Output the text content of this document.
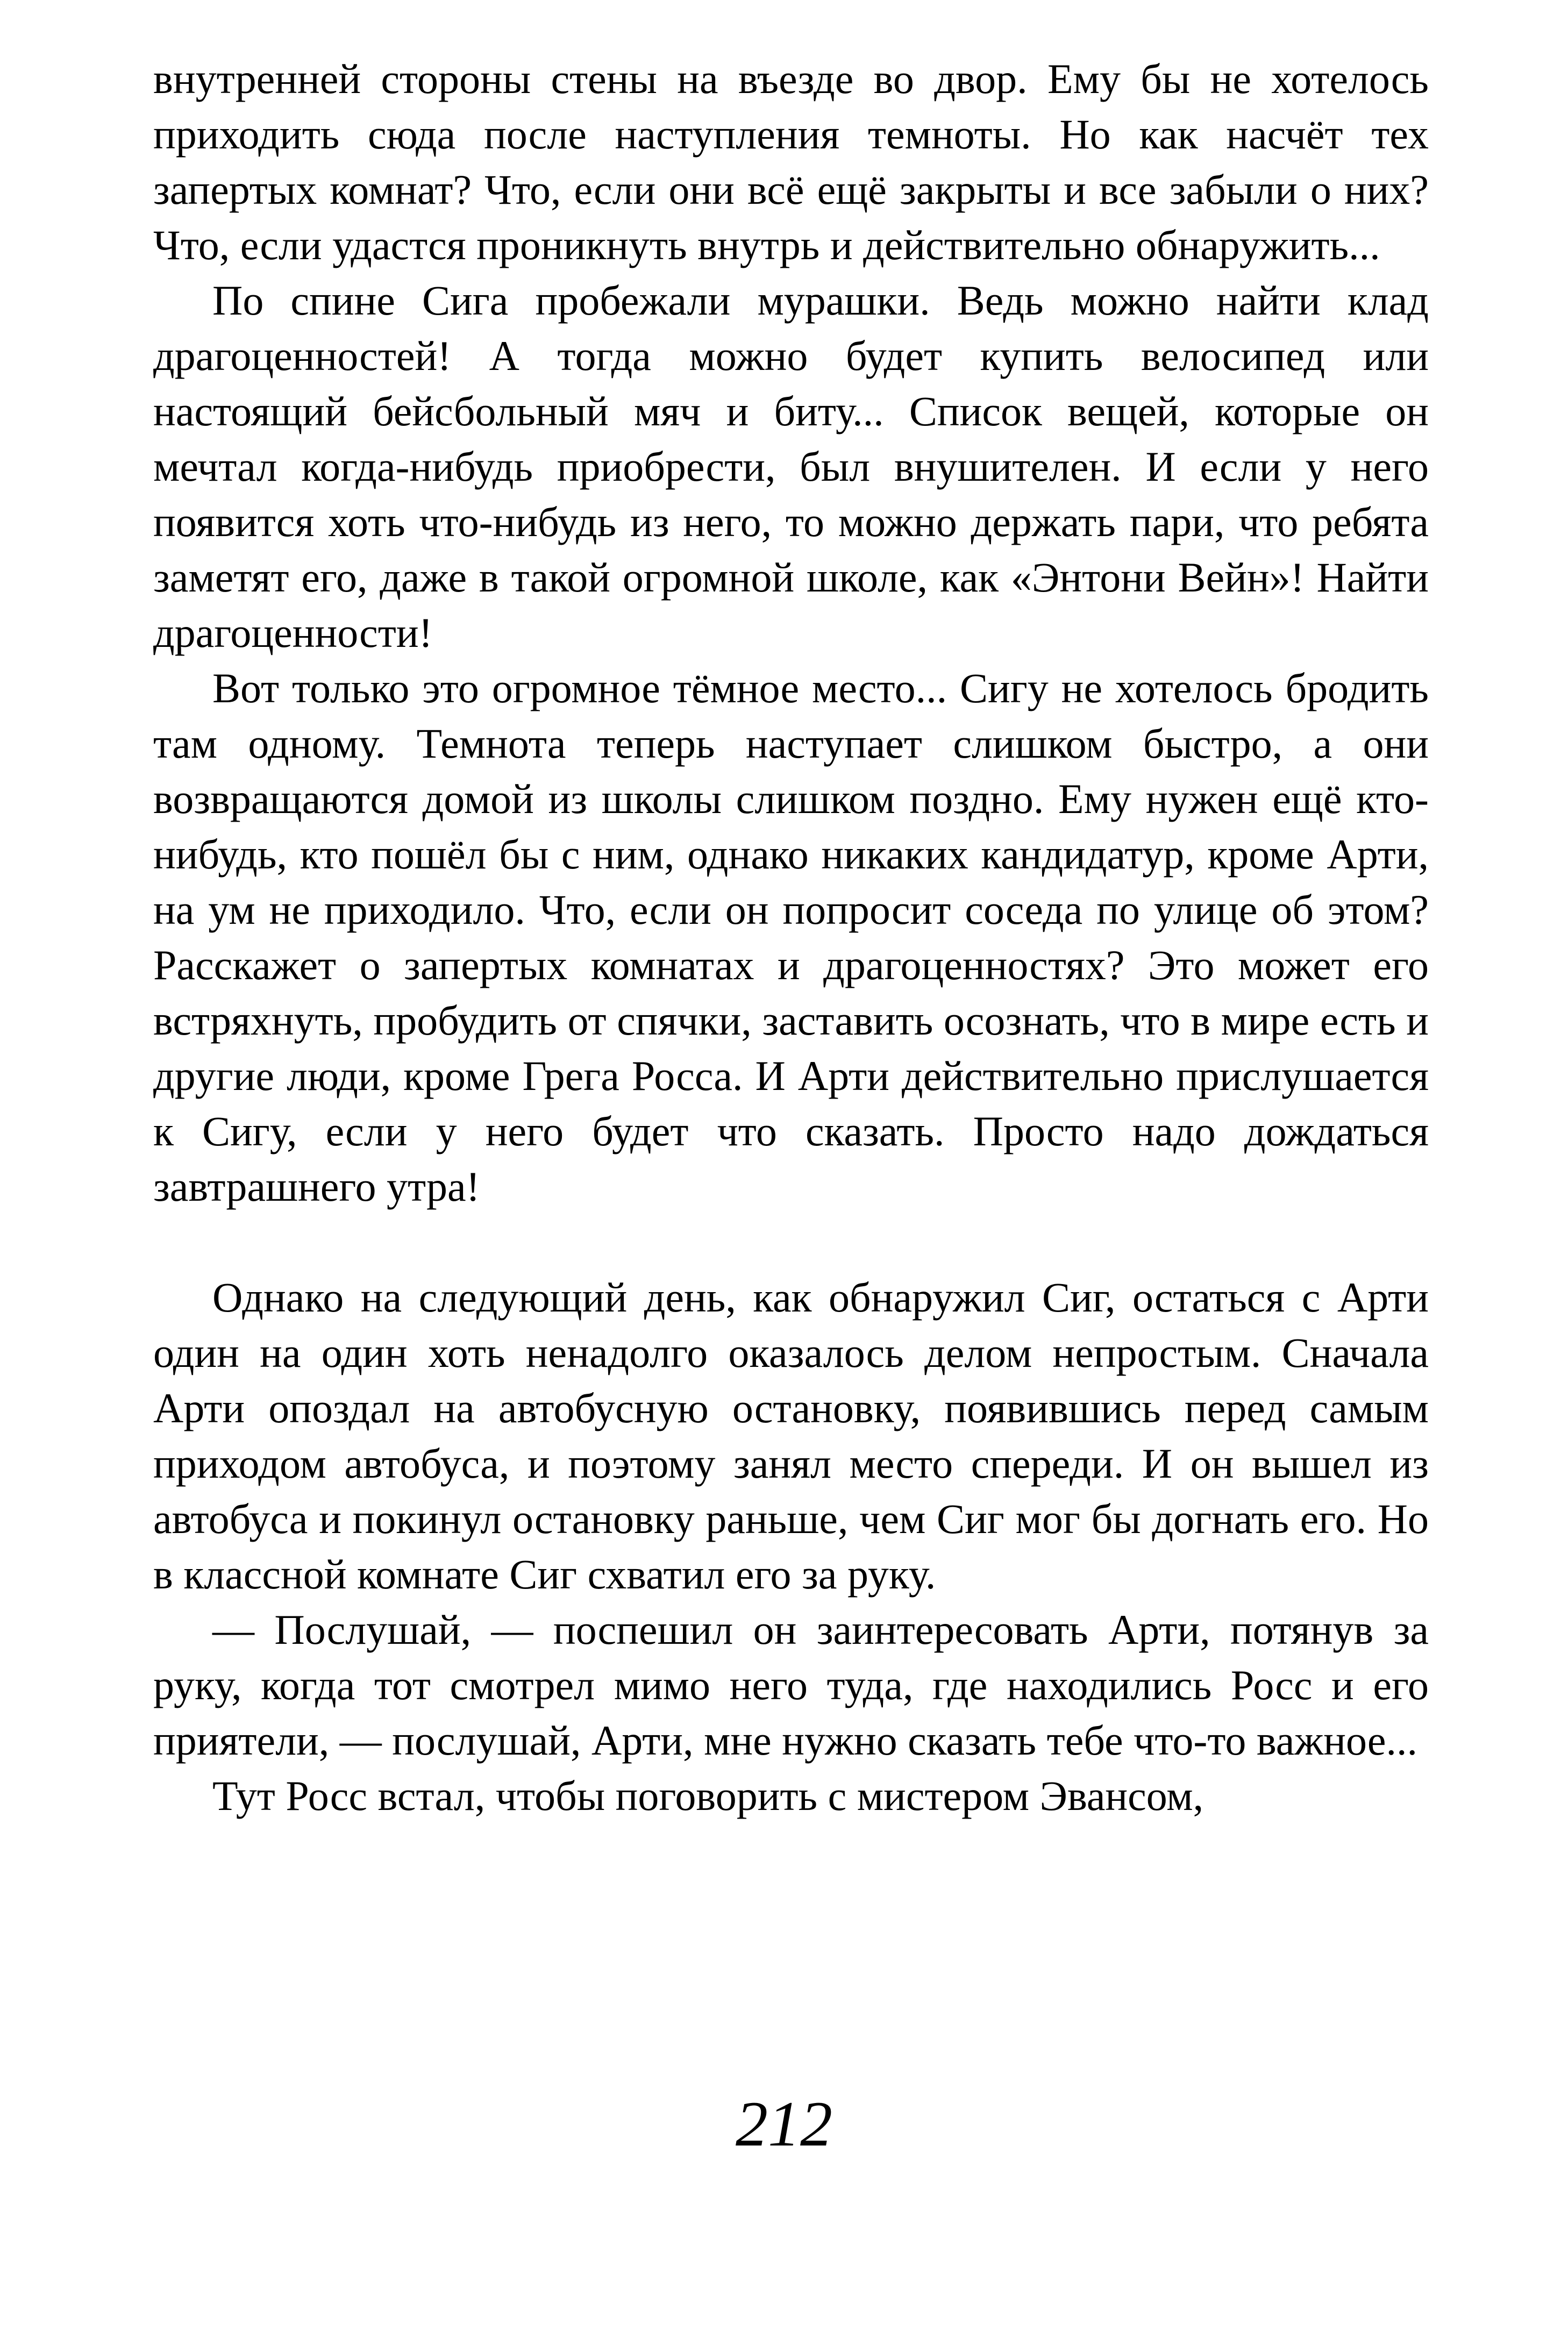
внутренней стороны стены на въезде во двор. Ему бы не хотелось приходить сюда после наступления темноты. Но как насчёт тех запертых комнат? Что, если они всё ещё закрыты и все забыли о них? Что, если удастся проникнуть внутрь и действительно обнаружить...

По спине Сига пробежали мурашки. Ведь можно найти клад драгоценностей! А тогда можно будет купить велосипед или настоящий бейсбольный мяч и биту... Список вещей, которые он мечтал когда-нибудь приобрести, был внушителен. И если у него появится хоть что-нибудь из него, то можно держать пари, что ребята заметят его, даже в такой огромной школе, как «Энтони Вейн»! Найти драгоценности!

Вот только это огромное тёмное место... Сигу не хотелось бродить там одному. Темнота теперь наступает слишком быстро, а они возвращаются домой из школы слишком поздно. Ему нужен ещё кто-нибудь, кто пошёл бы с ним, однако никаких кандидатур, кроме Арти, на ум не приходило. Что, если он попросит соседа по улице об этом? Расскажет о запертых комнатах и драгоценностях? Это может его встряхнуть, пробудить от спячки, заставить осознать, что в мире есть и другие люди, кроме Грега Росса. И Арти действительно прислушается к Сигу, если у него будет что сказать. Просто надо дождаться завтрашнего утра!

Однако на следующий день, как обнаружил Сиг, остаться с Арти один на один хоть ненадолго оказалось делом непростым. Сначала Арти опоздал на автобусную остановку, появившись перед самым приходом автобуса, и поэтому занял место спереди. И он вышел из автобуса и покинул остановку раньше, чем Сиг мог бы догнать его. Но в классной комнате Сиг схватил его за руку.

— Послушай, — поспешил он заинтересовать Арти, потянув за руку, когда тот смотрел мимо него туда, где находились Росс и его приятели, — послушай, Арти, мне нужно сказать тебе что-то важное...

Тут Росс встал, чтобы поговорить с мистером Эвансом,

212
